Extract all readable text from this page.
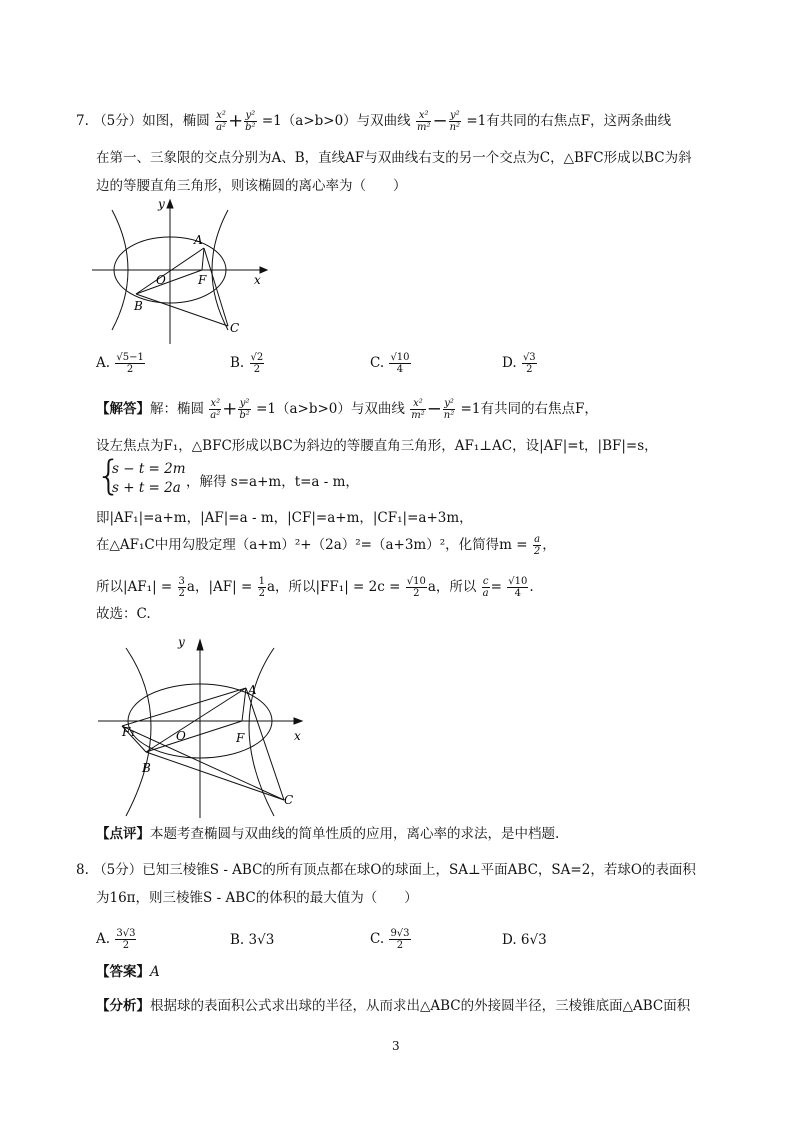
7. （5分）如图，椭圆 $\frac{\text{x²}}{\text{a²}} + \frac{\text{y²}}{\text{b²}} =1(a>b>0)$与双曲线 $\frac{\text{x²}}{\text{m²}} - \frac{\text{y²}}{\text{n²}} =1$有共同的右焦点F，这两条曲线
在第一、三象限的交点分别为A、B，直线AF与双曲线右支的另一个交点为C，△BFC形成以BC为斜
边的等腰直角三角形，则该椭圆的离心率为（　　）
y
x
O
A
F
B
C
A. $\frac{√5-1}{2}$	B. $\frac{√2}{2}$	C. $\frac{√10}{4}$	D. $\frac{√3}{2}$
【解答】解：椭圆 $\frac{\text{x²}}{\text{a²}} + \frac{\text{y²}}{\text{b²}} =1(a>b>0)$与双曲线 $\frac{\text{x²}}{\text{m²}} - \frac{\text{y²}}{\text{n²}} =1$有共同的右焦点F，
设左焦点为F₁，△BFC形成以BC为斜边的等腰直角三角形，AF₁⊥AC，设|AF|=t，|BF|=s，
{
s − t = 2m
s + t = 2a ，解得 s=a+m，t=a - m，
即|AF₁|=a+m，|AF|=a - m，|CF|=a+m，|CF₁|=a+3m，
在△AF₁C中用勾股定理（a+m）²+（2a）²=（a+3m）²，化简得$m = \frac{a}{2}$ ，
所以$|AF_1| = \frac{3}{2}$ a，$|AF| = \frac{1}{2}$ a，所以$|FF_1| = 2c = \frac{√10}{2}$ a，所以 $\frac{c}{a} = \frac{√10}{4}$ .
故选：C.
y
x
O
A
F
F₁
B
C
【点评】本题考查椭圆与双曲线的简单性质的应用，离心率的求法，是中档题.
8. （5分）已知三棱锥S - ABC的所有顶点都在球O的球面上，SA⊥平面ABC，SA=2，若球O的表面积
为16π，则三棱锥S - ABC的体积的最大值为（　　）
A. $\frac{3√3}{2}$	B. 3√3	C. $\frac{9√3}{2}$	D. 6√3
【答案】A
【分析】根据球的表面积公式求出球的半径，从而求出△ABC的外接圆半径，三棱锥底面△ABC面积
3
